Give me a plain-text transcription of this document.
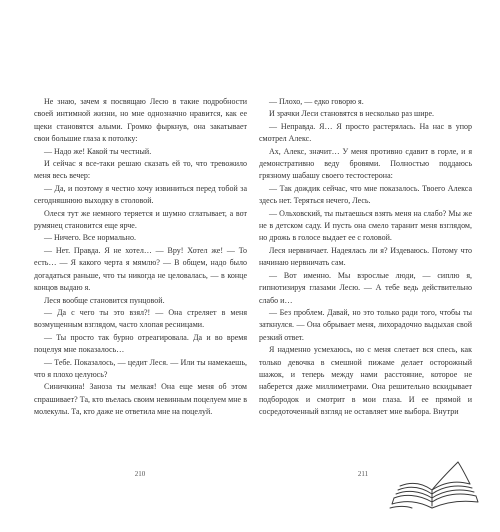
Не знаю, зачем я посвящаю Лесю в такие подробности своей интимной жизни, но мне однозначно нравится, как ее щеки становятся алыми. Громко фыркнув, она закатывает свои большие глаза к потолку:

— Надо же! Какой ты честный.

И сейчас я все-таки решаю сказать ей то, что тревожило меня весь вечер:

— Да, и поэтому я честно хочу извиниться перед тобой за сегодняшнюю выходку в столовой.

Олеся тут же немного теряется и шумно сглатывает, а вот румянец становится еще ярче.

— Ничего. Все нормально.

— Нет. Правда. Я не хотел… — Вру! Хотел же! — То есть… — Я какого черта я мямлю? — В общем, надо было догадаться раньше, что ты никогда не целовалась, — в конце концов выдаю я.

Леся вообще становится пунцовой.

— Да с чего ты это взял?! — Она стреляет в меня возмущенным взглядом, часто хлопая ресницами.

— Ты просто так бурно отреагировала. Да и во время поцелуя мне показалось…

— Тебе. Показалось, — цедит Леся. — Или ты намекаешь, что я плохо целуюсь?

Синичкина! Заноза ты мелкая! Она еще меня об этом спрашивает? Та, кто въелась своим невинным поцелуем мне в молекулы. Та, кто даже не ответила мне на поцелуй.

— Плохо, — едко говорю я.

И зрачки Леси становятся в несколько раз шире.

— Неправда. Я… Я просто растерялась. На нас в упор смотрел Алекс.

Ах, Алекс, значит… У меня противно сдавит в горле, и я демонстративно веду бровями. Полностью поддаюсь грязному шабашу своего тестостерона:

— Так дождик сейчас, что мне показалось. Твоего Алекса здесь нет. Теряться нечего, Лесь.

— Ольховский, ты пытаешься взять меня на слабо? Мы же не в детском саду. И пусть она смело таранит меня взглядом, но дрожь в голосе выдает ее с головой.

Леся нервничает. Надеялась ли я? Издеваюсь. Потому что начинаю нервничать сам.

— Вот именно. Мы взрослые люди, — сиплю я, гипнотизируя глазами Лесю. — А тебе ведь действительно слабо и…

— Без проблем. Давай, но это только ради того, чтобы ты заткнулся. — Она обрывает меня, лихорадочно выдыхая свой резкий ответ.

Я надменно усмехаюсь, но с меня слетает вся спесь, как только девочка в смешной пижаме делает осторожный шажок, и теперь между нами расстояние, которое не наберется даже миллиметрами. Она решительно вскидывает подбородок и смотрит в мои глаза. И ее прямой и сосредоточенный взгляд не оставляет мне выбора. Внутри

210	211
